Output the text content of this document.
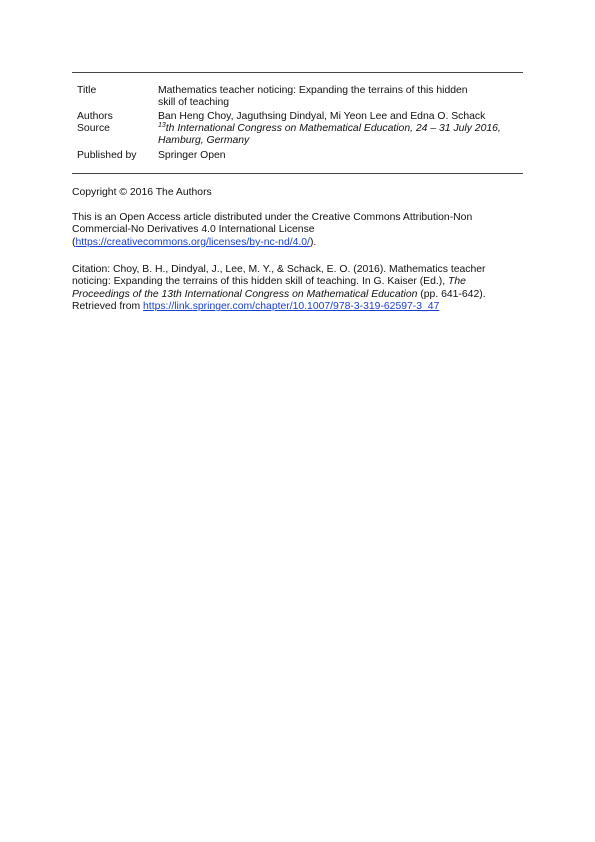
Title	Mathematics teacher noticing: Expanding the terrains of this hidden
skill of teaching
Authors	Ban Heng Choy, Jaguthsing Dindyal, Mi Yeon Lee and Edna O. Schack
Source	$^{13}$th International Congress on Mathematical Education, 24 – 31 July 2016,
Hamburg, Germany
Published by	Springer Open
Copyright © 2016 The Authors
This is an Open Access article distributed under the Creative Commons Attribution-Non
Commercial-No Derivatives 4.0 International License
(https://creativecommons.org/licenses/by-nc-nd/4.0/).
Citation: Choy, B. H., Dindyal, J., Lee, M. Y., & Schack, E. O. (2016). Mathematics teacher
noticing: Expanding the terrains of this hidden skill of teaching. In G. Kaiser (Ed.), The
Proceedings of the 13th International Congress on Mathematical Education (pp. 641-642).
Retrieved from https://link.springer.com/chapter/10.1007/978-3-319-62597-3_47
